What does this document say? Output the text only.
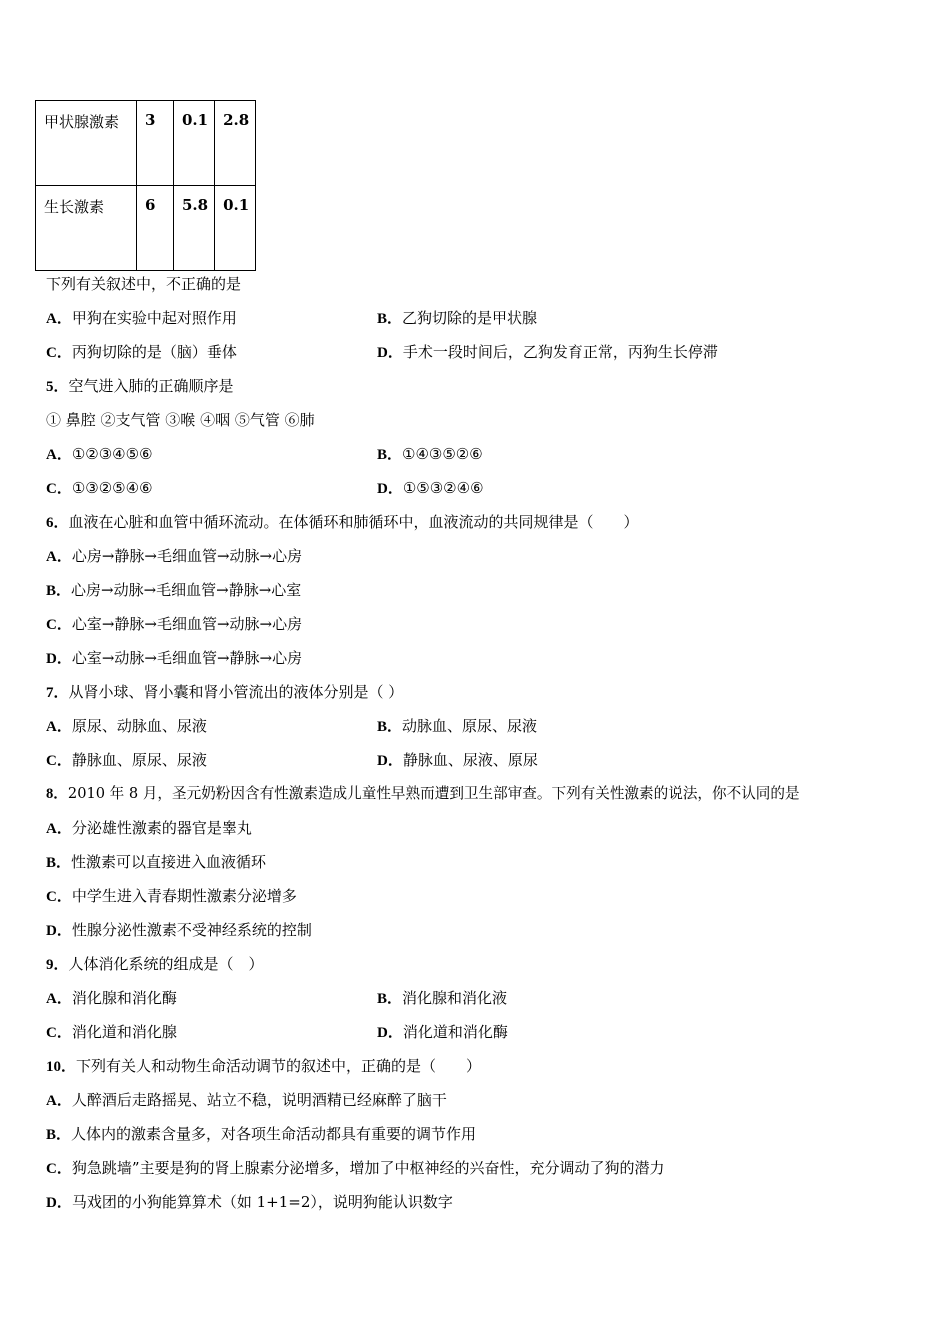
甲状腺激素	3	0.1	2.8
生长激素	6	5.8	0.1
下列有关叙述中，不正确的是
A．甲狗在实验中起对照作用	B．乙狗切除的是甲状腺
C．丙狗切除的是（脑）垂体	D．手术一段时间后，乙狗发育正常，丙狗生长停滞
5．空气进入肺的正确顺序是
① 鼻腔 ②支气管 ③喉 ④咽 ⑤气管 ⑥肺
A．①②③④⑤⑥	B．①④③⑤②⑥
C．①③②⑤④⑥	D．①⑤③②④⑥
6．血液在心脏和血管中循环流动。在体循环和肺循环中，血液流动的共同规律是（　　）
A．心房→静脉→毛细血管→动脉→心房
B．心房→动脉→毛细血管→静脉→心室
C．心室→静脉→毛细血管→动脉→心房
D．心室→动脉→毛细血管→静脉→心房
7．从肾小球、肾小囊和肾小管流出的液体分别是（ ）
A．原尿、动脉血、尿液	B．动脉血、原尿、尿液
C．静脉血、原尿、尿液	D．静脉血、尿液、原尿
8．2010 年 8 月，圣元奶粉因含有性激素造成儿童性早熟而遭到卫生部审查。下列有关性激素的说法，你不认同的是
A．分泌雄性激素的器官是睾丸
B．性激素可以直接进入血液循环
C．中学生进入青春期性激素分泌增多
D．性腺分泌性激素不受神经系统的控制
9．人体消化系统的组成是（　）
A．消化腺和消化酶	B．消化腺和消化液
C．消化道和消化腺	D．消化道和消化酶
10．下列有关人和动物生命活动调节的叙述中，正确的是（　　）
A．人醉酒后走路摇晃、站立不稳，说明酒精已经麻醉了脑干
B．人体内的激素含量多，对各项生命活动都具有重要的调节作用
C．狗急跳墙”主要是狗的肾上腺素分泌增多，增加了中枢神经的兴奋性，充分调动了狗的潜力
D．马戏团的小狗能算算术（如 1+1=2），说明狗能认识数字
